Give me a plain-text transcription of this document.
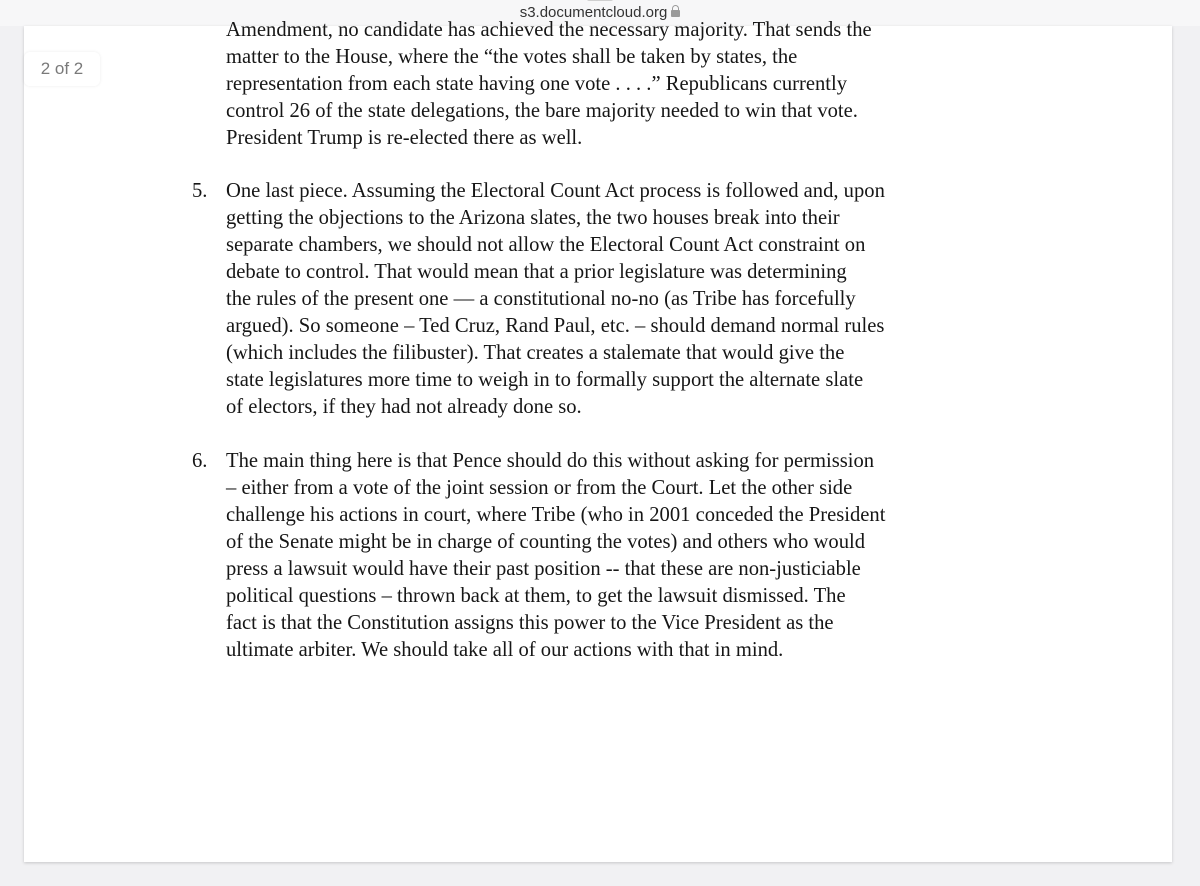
s3.documentcloud.org
2 of 2
Amendment, no candidate has achieved the necessary majority. That sends the
matter to the House, where the “the votes shall be taken by states, the
representation from each state having one vote . . . .” Republicans currently
control 26 of the state delegations, the bare majority needed to win that vote.
President Trump is re-elected there as well.
5. One last piece. Assuming the Electoral Count Act process is followed and, upon
getting the objections to the Arizona slates, the two houses break into their
separate chambers, we should not allow the Electoral Count Act constraint on
debate to control. That would mean that a prior legislature was determining
the rules of the present one — a constitutional no-no (as Tribe has forcefully
argued). So someone – Ted Cruz, Rand Paul, etc. – should demand normal rules
(which includes the filibuster). That creates a stalemate that would give the
state legislatures more time to weigh in to formally support the alternate slate
of electors, if they had not already done so.
6. The main thing here is that Pence should do this without asking for permission
– either from a vote of the joint session or from the Court. Let the other side
challenge his actions in court, where Tribe (who in 2001 conceded the President
of the Senate might be in charge of counting the votes) and others who would
press a lawsuit would have their past position -- that these are non-justiciable
political questions – thrown back at them, to get the lawsuit dismissed. The
fact is that the Constitution assigns this power to the Vice President as the
ultimate arbiter. We should take all of our actions with that in mind.
